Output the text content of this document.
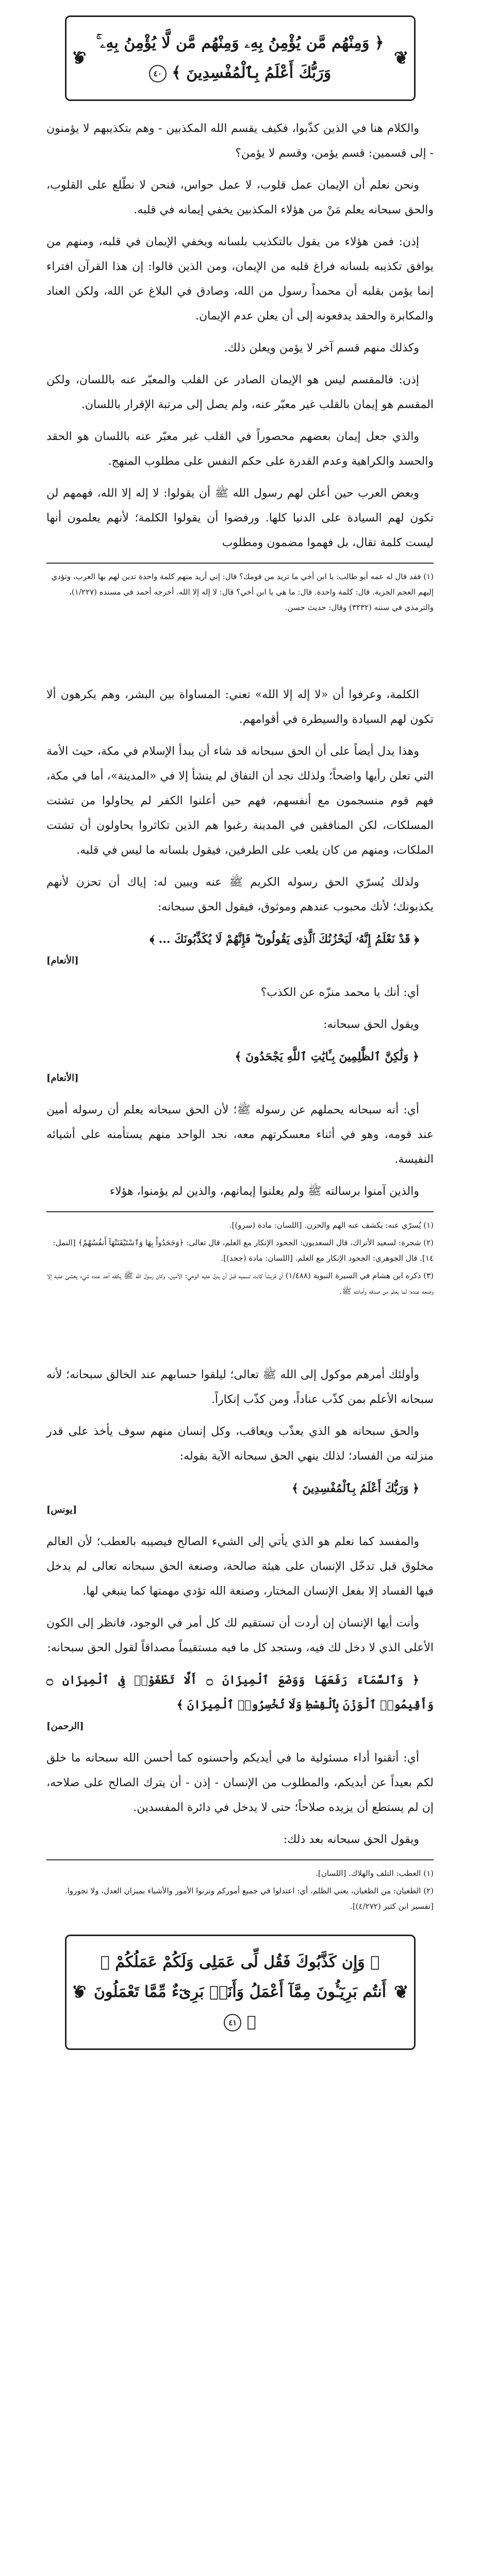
❦ ﴿ وَمِنْهُم مَّن يُؤْمِنُ بِهِۦ وَمِنْهُم مَّن لَّا يُؤْمِنُ بِهِۦ ۚ وَرَبُّكَ أَعْلَمُ بِٱلْمُفْسِدِينَ ﴾ ٤٠ ❦

والكلام هنا في الذين كذّبوا، فكيف يقسم الله المكذبين - وهم بتكذيبهم لا يؤمنون - إلى قسمين: قسم يؤمن، وقسم لا يؤمن؟

ونحن نعلم أن الإيمان عمل قلوب، لا عمل حواس، فنحن لا نطّلع على القلوب، والحق سبحانه يعلم مَنْ من هؤلاء المكذبين يخفي إيمانه في قلبه.

إذن: فمن هؤلاء من يقول بالتكذيب بلسانه ويخفي الإيمان في قلبه، ومنهم من يوافق تكذيبه بلسانه فراغ قلبه من الإيمان، ومن الذين قالوا: إن هذا القرآن افتراء إنما يؤمن بقلبه أن محمداً رسول من الله، وصادق في البلاغ عن الله، ولكن العناد والمكابرة والحقد يدفعونه إلى أن يعلن عدم الإيمان.

وكذلك منهم قسم آخر لا يؤمن ويعلن ذلك.

إذن: فالمقسم ليس هو الإيمان الصادر عن القلب والمعبّر عنه باللسان، ولكن المقسم هو إيمان بالقلب غير معبّر عنه، ولم يصل إلى مرتبة الإقرار باللسان.

والذي جعل إيمان بعضهم محصوراً في القلب غير معبّر عنه باللسان هو الحقد والحسد والكراهية وعدم القدرة على حكم النفس على مطلوب المنهج.

وبعض العرب حين أعلن لهم رسول الله ﷺ أن يقولوا: لا إله إلا الله، فهمهم لن تكون لهم السيادة على الدنيا كلها. ورفضوا أن يقولوا الكلمة؛ لأنهم يعلمون أنها ليست كلمة تقال، بل فهموا مضمون ومطلوب

(١) فقد قال له عمه أبو طالب: يا ابن أخي ما تريد من قومك؟ قال: إني أريد منهم كلمة واحدة تدين لهم بها العرب، وتؤدي إليهم العجم الجزية. قال: كلمة واحدة. قال: ما هي يا ابن أخي؟ قال: لا إله إلا الله. أخرجه أحمد في مسنده (١/٢٢٧)، والترمذي في سننه (٣٢٣٢) وقال: حديث حسن.

الكلمة، وعرفوا أن «لا إله إلا الله» تعني: المساواة بين البشر، وهم يكرهون ألا تكون لهم السيادة والسيطرة في أقوامهم.

وهذا يدل أيضاً على أن الحق سبحانه قد شاء أن يبدأ الإسلام في مكة، حيث الأمة التي تعلن رأيها واضحاً؛ ولذلك نجد أن النفاق لم ينشأ إلا في «المدينة»، أما في مكة، فهم قوم منسجمون مع أنفسهم، فهم حين أعلنوا الكفر لم يحاولوا من تشتت المسلكات، لكن المنافقين في المدينة رغبوا هم الذين تكاثروا يحاولون أن تشتت الملكات، ومنهم من كان يلعب على الطرفين، فيقول بلسانه ما ليس في قلبه.

ولذلك يُسرّي الحق رسوله الكريم ﷺ عنه ويبين له: إياك أن تحزن لأنهم يكذبونك؛ لأنك محبوب عندهم وموثوق، فيقول الحق سبحانه:

﴿ قَدْ نَعْلَمُ إِنَّهُۥ لَيَحْزُنُكَ ٱلَّذِى يَقُولُونَ ۖ فَإِنَّهُمْ لَا يُكَذِّبُونَكَ ... ﴾
[الأنعام]

أي: أنك يا محمد منزّه عن الكذب؟

ويقول الحق سبحانه:

﴿ وَلَٰكِنَّ ٱلظَّٰلِمِينَ بِـَٔايَٰتِ ٱللَّهِ يَجْحَدُونَ ﴾
[الأنعام]

أي: أنه سبحانه يحملهم عن رسوله ﷺ؛ لأن الحق سبحانه يعلم أن رسوله أمين عند قومه، وهو في أثناء معسكرتهم معه، نجد الواحد منهم يستأمنه على أشيائه النفيسة.

والذين آمنوا برسالته ﷺ ولم يعلنوا إيمانهم، والذين لم يؤمنوا، هؤلاء

(١) يُسرّي عنه: يكشف عنه الهم والحزن. [اللسان: مادة (سرو)].

(٢) شجرة: لسعيد الأتراك، قال السعديون: الجحود الإنكار مع العلم، قال تعالى: ﴿وَجَحَدُواْ بِهَا وَٱسْتَيْقَنَتْهَآ أَنفُسُهُمْ﴾ [النمل: ١٤]. قال الجوهري: الجحود الإنكار مع العلم. [اللسان: مادة (جحد)].

(٣) ذكره ابن هشام في السيرة النبوية (١/٤٨٨) أن قريشاً كانت تسميه قبل أن ينزل عليه الوحي: الأمين. وكان رسول الله ﷺ يكفه أحد عنده شيء يخشى عليه إلا وضعه عنده؛ لما يعلم من صدقه وأمانته ﷺ.

وأولئك أمرهم موكول إلى الله ﷺ تعالى؛ ليلقوا حسابهم عند الخالق سبحانه؛ لأنه سبحانه الأعلم بمن كذّب عناداً، ومن كذّب إنكاراً.

والحق سبحانه هو الذي يعذّب ويعاقب، وكل إنسان منهم سوف يأخذ على قدر منزلته من الفساد؛ لذلك ينهي الحق سبحانه الآية بقوله:

﴿ وَرَبُّكَ أَعْلَمُ بِٱلْمُفْسِدِينَ ﴾
[يونس]

والمفسد كما نعلم هو الذي يأتي إلى الشيء الصالح فيصيبه بالعطب؛ لأن العالم مخلوق قبل تدخّل الإنسان على هيئة صالحة، وصنعة الحق سبحانه تعالى لم يدخل فيها الفساد إلا بفعل الإنسان المختار، وصنعة الله تؤدي مهمتها كما ينبغي لها.

وأنت أيها الإنسان إن أردت أن تستقيم لك كل أمر في الوجود، فانظر إلى الكون الأعلى الذي لا دخل لك فيه، وستجد كل ما فيه مستقيماً مصداقاً لقول الحق سبحانه:

﴿ وَٱلسَّمَآءَ رَفَعَهَا وَوَضَعَ ٱلْمِيزَانَ ۝ أَلَّا تَطْغَوْا۟ فِى ٱلْمِيزَانِ ۝ وَأَقِيمُوا۟ ٱلْوَزْنَ بِٱلْقِسْطِ وَلَا تُخْسِرُوا۟ ٱلْمِيزَانَ ﴾
[الرحمن]

أي: أتقنوا أداء مسئولية ما في أيديكم وأحسنوه كما أحسن الله سبحانه ما خلق لكم بعيداً عن أيديكم، والمطلوب من الإنسان - إذن - أن يترك الصالح على صلاحه، إن لم يستطع أن يزيده صلاحاً؛ حتى لا يدخل في دائرة المفسدين.

ويقول الحق سبحانه بعد ذلك:

(١) العطب: التلف والهلاك. [اللسان].

(٢) الطغيان: من الطغيان، يعني الظلم، أي: اعتدلوا في جميع أموركم وتزنوا الأمور والأشياء بميزان العدل، ولا تجوروا. [تفسير ابن كثير (٤/٢٧٢)].

❦ ﴿ وَإِن كَذَّبُوكَ فَقُل لِّى عَمَلِى وَلَكُمْ عَمَلُكُمْ ۖ أَنتُم بَرِيٓـُٔونَ مِمَّآ أَعْمَلُ وَأَنَا۠ بَرِىٓءٌ مِّمَّا تَعْمَلُونَ ﴾ ٤١ ❦
